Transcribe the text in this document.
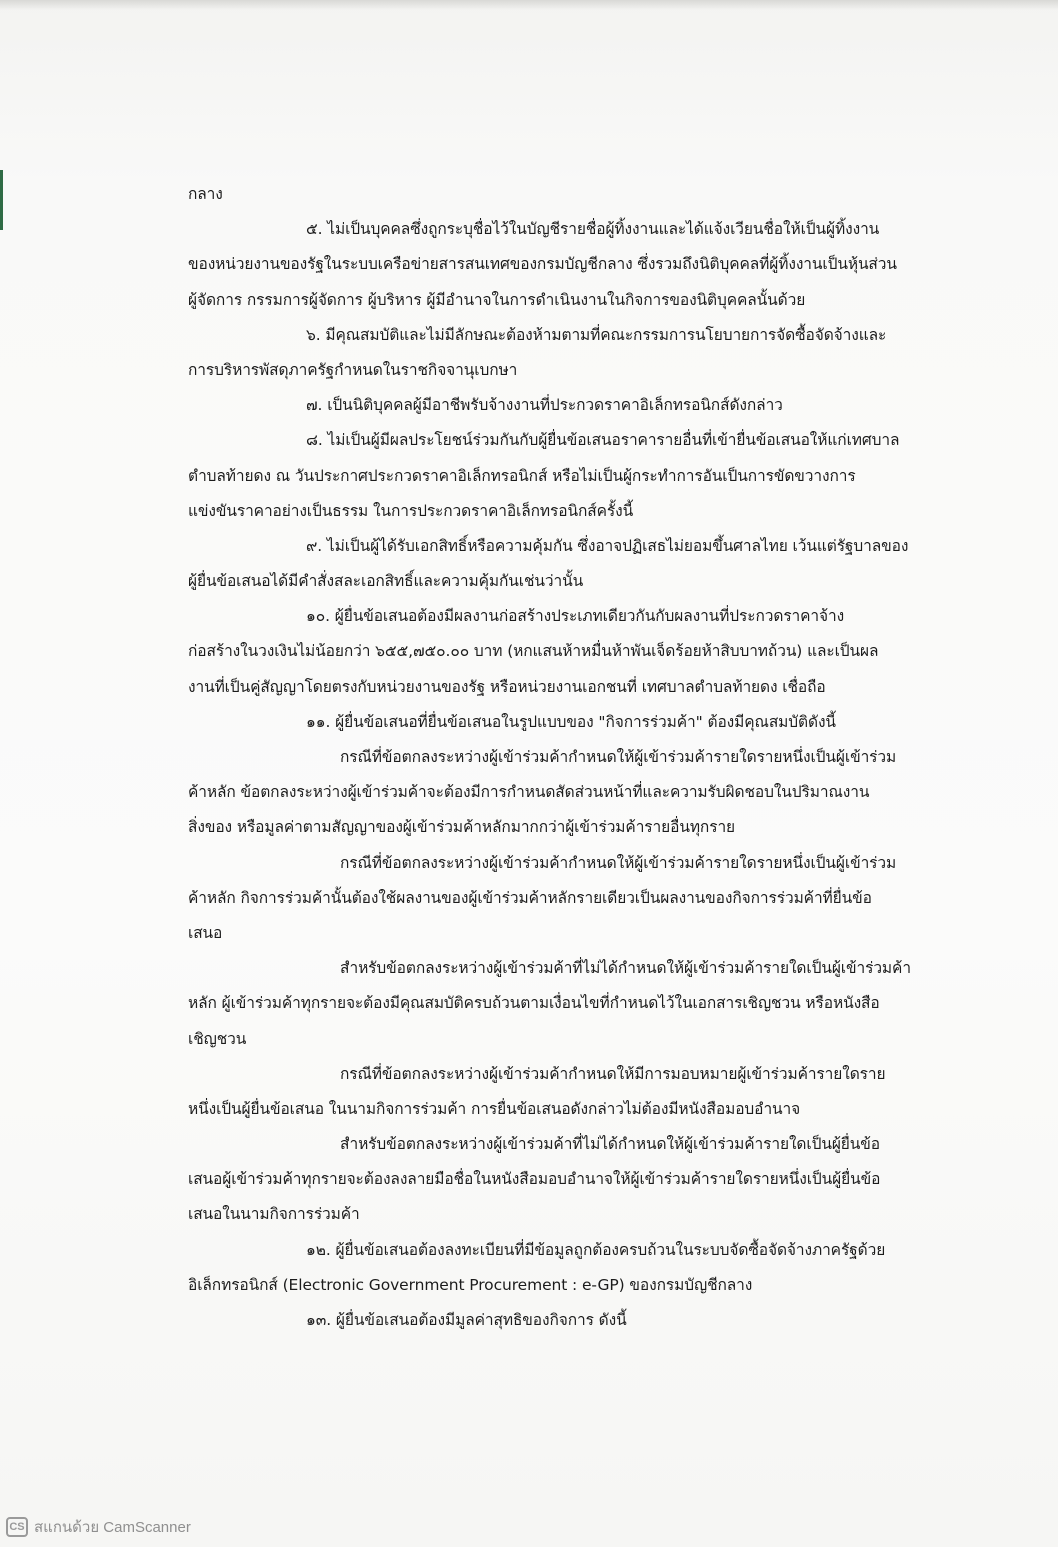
กลาง
๕. ไม่เป็นบุคคลซึ่งถูกระบุชื่อไว้ในบัญชีรายชื่อผู้ทิ้งงานและได้แจ้งเวียนชื่อให้เป็นผู้ทิ้งงาน
ของหน่วยงานของรัฐในระบบเครือข่ายสารสนเทศของกรมบัญชีกลาง ซึ่งรวมถึงนิติบุคคลที่ผู้ทิ้งงานเป็นหุ้นส่วน
ผู้จัดการ กรรมการผู้จัดการ ผู้บริหาร ผู้มีอำนาจในการดำเนินงานในกิจการของนิติบุคคลนั้นด้วย
๖. มีคุณสมบัติและไม่มีลักษณะต้องห้ามตามที่คณะกรรมการนโยบายการจัดซื้อจัดจ้างและ
การบริหารพัสดุภาครัฐกำหนดในราชกิจจานุเบกษา
๗. เป็นนิติบุคคลผู้มีอาชีพรับจ้างงานที่ประกวดราคาอิเล็กทรอนิกส์ดังกล่าว
๘. ไม่เป็นผู้มีผลประโยชน์ร่วมกันกับผู้ยื่นข้อเสนอราคารายอื่นที่เข้ายื่นข้อเสนอให้แก่เทศบาล
ตำบลท้ายดง ณ วันประกาศประกวดราคาอิเล็กทรอนิกส์ หรือไม่เป็นผู้กระทำการอันเป็นการขัดขวางการ
แข่งขันราคาอย่างเป็นธรรม ในการประกวดราคาอิเล็กทรอนิกส์ครั้งนี้
๙. ไม่เป็นผู้ได้รับเอกสิทธิ์หรือความคุ้มกัน ซึ่งอาจปฏิเสธไม่ยอมขึ้นศาลไทย เว้นแต่รัฐบาลของ
ผู้ยื่นข้อเสนอได้มีคำสั่งสละเอกสิทธิ์และความคุ้มกันเช่นว่านั้น
๑๐. ผู้ยื่นข้อเสนอต้องมีผลงานก่อสร้างประเภทเดียวกันกับผลงานที่ประกวดราคาจ้าง
ก่อสร้างในวงเงินไม่น้อยกว่า ๖๕๕,๗๕๐.๐๐ บาท (หกแสนห้าหมื่นห้าพันเจ็ดร้อยห้าสิบบาทถ้วน) และเป็นผล
งานที่เป็นคู่สัญญาโดยตรงกับหน่วยงานของรัฐ หรือหน่วยงานเอกชนที่ เทศบาลตำบลท้ายดง เชื่อถือ
๑๑. ผู้ยื่นข้อเสนอที่ยื่นข้อเสนอในรูปแบบของ "กิจการร่วมค้า" ต้องมีคุณสมบัติดังนี้
กรณีที่ข้อตกลงระหว่างผู้เข้าร่วมค้ากำหนดให้ผู้เข้าร่วมค้ารายใดรายหนึ่งเป็นผู้เข้าร่วม
ค้าหลัก ข้อตกลงระหว่างผู้เข้าร่วมค้าจะต้องมีการกำหนดสัดส่วนหน้าที่และความรับผิดชอบในปริมาณงาน
สิ่งของ หรือมูลค่าตามสัญญาของผู้เข้าร่วมค้าหลักมากกว่าผู้เข้าร่วมค้ารายอื่นทุกราย
กรณีที่ข้อตกลงระหว่างผู้เข้าร่วมค้ากำหนดให้ผู้เข้าร่วมค้ารายใดรายหนึ่งเป็นผู้เข้าร่วม
ค้าหลัก กิจการร่วมค้านั้นต้องใช้ผลงานของผู้เข้าร่วมค้าหลักรายเดียวเป็นผลงานของกิจการร่วมค้าที่ยื่นข้อ
เสนอ
สำหรับข้อตกลงระหว่างผู้เข้าร่วมค้าที่ไม่ได้กำหนดให้ผู้เข้าร่วมค้ารายใดเป็นผู้เข้าร่วมค้า
หลัก ผู้เข้าร่วมค้าทุกรายจะต้องมีคุณสมบัติครบถ้วนตามเงื่อนไขที่กำหนดไว้ในเอกสารเชิญชวน หรือหนังสือ
เชิญชวน
กรณีที่ข้อตกลงระหว่างผู้เข้าร่วมค้ากำหนดให้มีการมอบหมายผู้เข้าร่วมค้ารายใดราย
หนึ่งเป็นผู้ยื่นข้อเสนอ ในนามกิจการร่วมค้า การยื่นข้อเสนอดังกล่าวไม่ต้องมีหนังสือมอบอำนาจ
สำหรับข้อตกลงระหว่างผู้เข้าร่วมค้าที่ไม่ได้กำหนดให้ผู้เข้าร่วมค้ารายใดเป็นผู้ยื่นข้อ
เสนอผู้เข้าร่วมค้าทุกรายจะต้องลงลายมือชื่อในหนังสือมอบอำนาจให้ผู้เข้าร่วมค้ารายใดรายหนึ่งเป็นผู้ยื่นข้อ
เสนอในนามกิจการร่วมค้า
๑๒. ผู้ยื่นข้อเสนอต้องลงทะเบียนที่มีข้อมูลถูกต้องครบถ้วนในระบบจัดซื้อจัดจ้างภาครัฐด้วย
อิเล็กทรอนิกส์ (Electronic Government Procurement : e-GP) ของกรมบัญชีกลาง
๑๓. ผู้ยื่นข้อเสนอต้องมีมูลค่าสุทธิของกิจการ ดังนี้
CS สแกนด้วย CamScanner
